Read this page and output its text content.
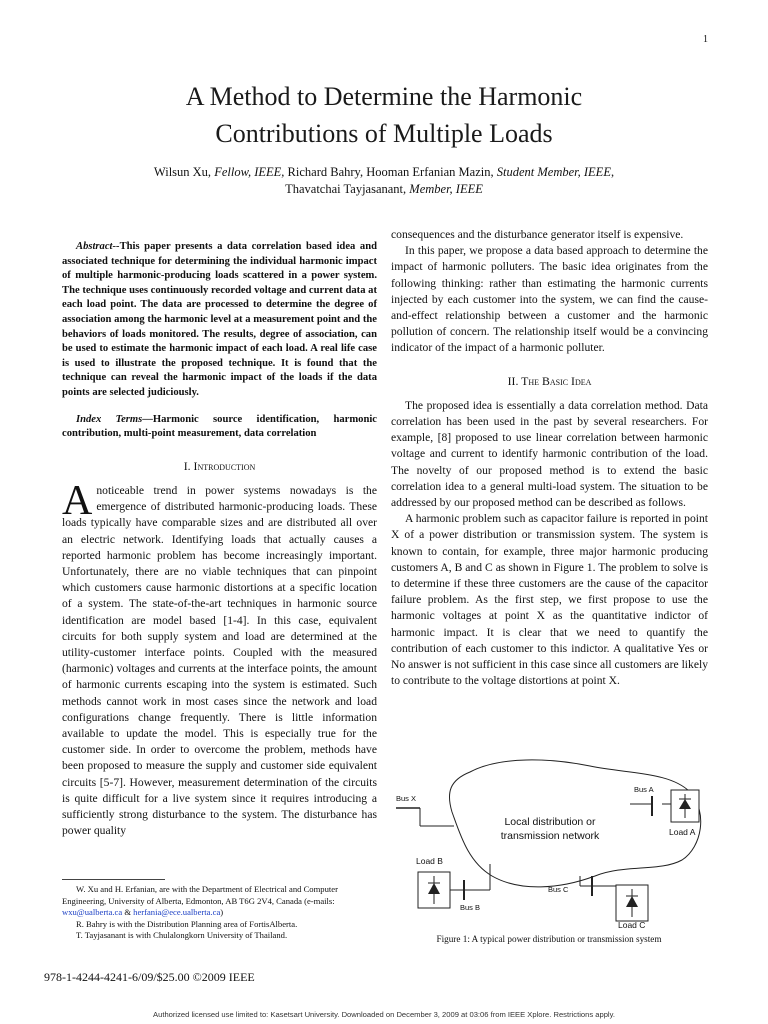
1
A Method to Determine the Harmonic
Contributions of Multiple Loads
Wilsun Xu, Fellow, IEEE, Richard Bahry, Hooman Erfanian Mazin, Student Member, IEEE,
Thavatchai Tayjasanant, Member, IEEE

Abstract--This paper presents a data correlation based idea and associated technique for determining the individual harmonic impact of multiple harmonic-producing loads scattered in a power system. The technique uses continuously recorded voltage and current data at each load point. The data are processed to determine the degree of association among the harmonic level at a measurement point and the behaviors of loads monitored. The results, degree of association, can be used to estimate the harmonic impact of each load. A real life case is used to illustrate the proposed technique. It is found that the technique can reveal the harmonic impact of the loads if the data points are selected judiciously.

Index Terms—Harmonic source identification, harmonic contribution, multi-point measurement, data correlation

I. Introduction

Anoticeable trend in power systems nowadays is the emergence of distributed harmonic-producing loads. These loads typically have comparable sizes and are distributed all over an electric network. Identifying loads that actually causes a reported harmonic problem has become increasingly important. Unfortunately, there are no viable techniques that can pinpoint which customers cause harmonic distortions at a specific location of a system. The state-of-the-art techniques in harmonic source identification are model based [1-4]. In this case, equivalent circuits for both supply system and load are determined at the utility-customer interface points. Coupled with the measured (harmonic) voltages and currents at the interface points, the amount of harmonic currents escaping into the system is estimated. Such methods cannot work in most cases since the network and load configurations change frequently. There is little information available to update the model. This is especially true for the customer side. In order to overcome the problem, methods have been proposed to measure the supply and customer side equivalent circuits [5-7]. However, measurement determination of the circuits is quite difficult for a live system since it requires introducing a sufficiently strong disturbance to the system. The disturbance has power quality

consequences and the disturbance generator itself is expensive.

In this paper, we propose a data based approach to determine the impact of harmonic polluters. The basic idea originates from the following thinking: rather than estimating the harmonic currents injected by each customer into the system, we can find the cause-and-effect relationship between a customer and the harmonic pollution of concern. The relationship itself would be a convincing indicator of the impact of a harmonic polluter.

II. The Basic Idea

The proposed idea is essentially a data correlation method. Data correlation has been used in the past by several researchers. For example, [8] proposed to use linear correlation between harmonic voltage and current to identify harmonic contribution of the load. The novelty of our proposed method is to extend the basic correlation idea to a general multi-load system. The situation to be addressed by our proposed method can be described as follows.

A harmonic problem such as capacitor failure is reported in point X of a power distribution or transmission system. The system is known to contain, for example, three major harmonic producing customers A, B and C as shown in Figure 1. The problem to solve is to determine if these three customers are the cause of the capacitor failure problem. As the first step, we first propose to use the harmonic voltages at point X as the quantitative indictor of harmonic impact. It is clear that we need to quantify the contribution of each customer to this indictor. A qualitative Yes or No answer is not sufficient in this case since all customers are likely to contribute to the voltage distortions at point X.

Local distribution or
transmission network
Bus X
Bus A
Load A
Load B
Bus B
Bus C
Load C
Figure 1: A typical power distribution or transmission system
W. Xu and H. Erfanian, are with the Department of Electrical and Computer Engineering, University of Alberta, Edmonton, AB T6G 2V4, Canada (e-mails: wxu@ualberta.ca & herfania@ece.ualberta.ca)
R. Bahry is with the Distribution Planning area of FortisAlberta.
T. Tayjasanant is with Chulalongkorn University of Thailand.
978-1-4244-4241-6/09/$25.00 ©2009 IEEE
Authorized licensed use limited to: Kasetsart University. Downloaded on December 3, 2009 at 03:06 from IEEE Xplore. Restrictions apply.
